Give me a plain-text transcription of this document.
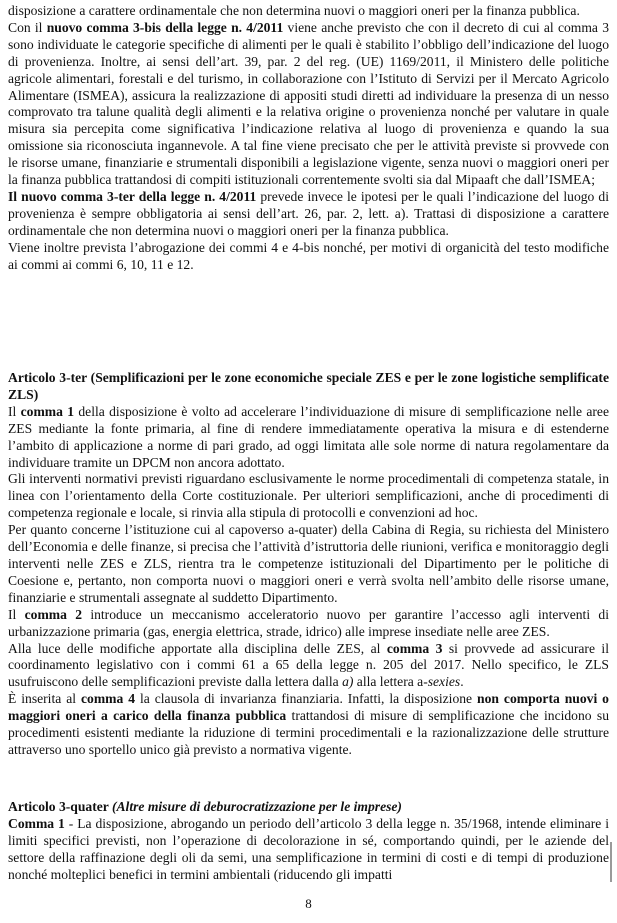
disposizione a carattere ordinamentale che non determina nuovi o maggiori oneri per la finanza pubblica.

Con il nuovo comma 3-bis della legge n. 4/2011 viene anche previsto che con il decreto di cui al comma 3 sono individuate le categorie specifiche di alimenti per le quali è stabilito l’obbligo dell’indicazione del luogo di provenienza. Inoltre, ai sensi dell’art. 39, par. 2 del reg. (UE) 1169/2011, il Ministero delle politiche agricole alimentari, forestali e del turismo, in collaborazione con l’Istituto di Servizi per il Mercato Agricolo Alimentare (ISMEA), assicura la realizzazione di appositi studi diretti ad individuare la presenza di un nesso comprovato tra talune qualità degli alimenti e la relativa origine o provenienza nonché per valutare in quale misura sia percepita come significativa l’indicazione relativa al luogo di provenienza e quando la sua omissione sia riconosciuta ingannevole. A tal fine viene precisato che per le attività previste si provvede con le risorse umane, finanziarie e strumentali disponibili a legislazione vigente, senza nuovi o maggiori oneri per la finanza pubblica trattandosi di compiti istituzionali correntemente svolti sia dal Mipaaft che dall’ISMEA;

Il nuovo comma 3-ter della legge n. 4/2011 prevede invece le ipotesi per le quali l’indicazione del luogo di provenienza è sempre obbligatoria ai sensi dell’art. 26, par. 2, lett. a). Trattasi di disposizione a carattere ordinamentale che non determina nuovi o maggiori oneri per la finanza pubblica.

Viene inoltre prevista l’abrogazione dei commi 4 e 4-bis nonché, per motivi di organicità del testo modifiche ai commi ai commi 6, 10, 11 e 12.

Articolo 3-ter (Semplificazioni per le zone economiche speciale ZES e per le zone logistiche semplificate ZLS)

Il comma 1 della disposizione è volto ad accelerare l’individuazione di misure di semplificazione nelle aree ZES mediante la fonte primaria, al fine di rendere immediatamente operativa la misura e di estenderne l’ambito di applicazione a norme di pari grado, ad oggi limitata alle sole norme di natura regolamentare da individuare tramite un DPCM non ancora adottato.

Gli interventi normativi previsti riguardano esclusivamente le norme procedimentali di competenza statale, in linea con l’orientamento della Corte costituzionale. Per ulteriori semplificazioni, anche di procedimenti di competenza regionale e locale, si rinvia alla stipula di protocolli e convenzioni ad hoc.

Per quanto concerne l’istituzione cui al capoverso a-quater) della Cabina di Regia, su richiesta del Ministero dell’Economia e delle finanze, si precisa che l’attività d’istruttoria delle riunioni, verifica e monitoraggio degli interventi nelle ZES e ZLS, rientra tra le competenze istituzionali del Dipartimento per le politiche di Coesione e, pertanto, non comporta nuovi o maggiori oneri e verrà svolta nell’ambito delle risorse umane, finanziarie e strumentali assegnate al suddetto Dipartimento.

Il comma 2 introduce un meccanismo acceleratorio nuovo per garantire l’accesso agli interventi di urbanizzazione primaria (gas, energia elettrica, strade, idrico) alle imprese insediate nelle aree ZES.

Alla luce delle modifiche apportate alla disciplina delle ZES, al comma 3 si provvede ad assicurare il coordinamento legislativo con i commi 61 a 65 della legge n. 205 del 2017. Nello specifico, le ZLS usufruiscono delle semplificazioni previste dalla lettera dalla a) alla lettera a-sexies.

È inserita al comma 4 la clausola di invarianza finanziaria. Infatti, la disposizione non comporta nuovi o maggiori oneri a carico della finanza pubblica trattandosi di misure di semplificazione che incidono su procedimenti esistenti mediante la riduzione di termini procedimentali e la razionalizzazione delle strutture attraverso uno sportello unico già previsto a normativa vigente.

Articolo 3-quater (Altre misure di deburocratizzazione per le imprese)

Comma 1 - La disposizione, abrogando un periodo dell’articolo 3 della legge n. 35/1968, intende eliminare i limiti specifici previsti, non l’operazione di decolorazione in sé, comportando quindi, per le aziende del settore della raffinazione degli oli da semi, una semplificazione in termini di costi e di tempi di produzione nonché molteplici benefici in termini ambientali (riducendo gli impatti

8
